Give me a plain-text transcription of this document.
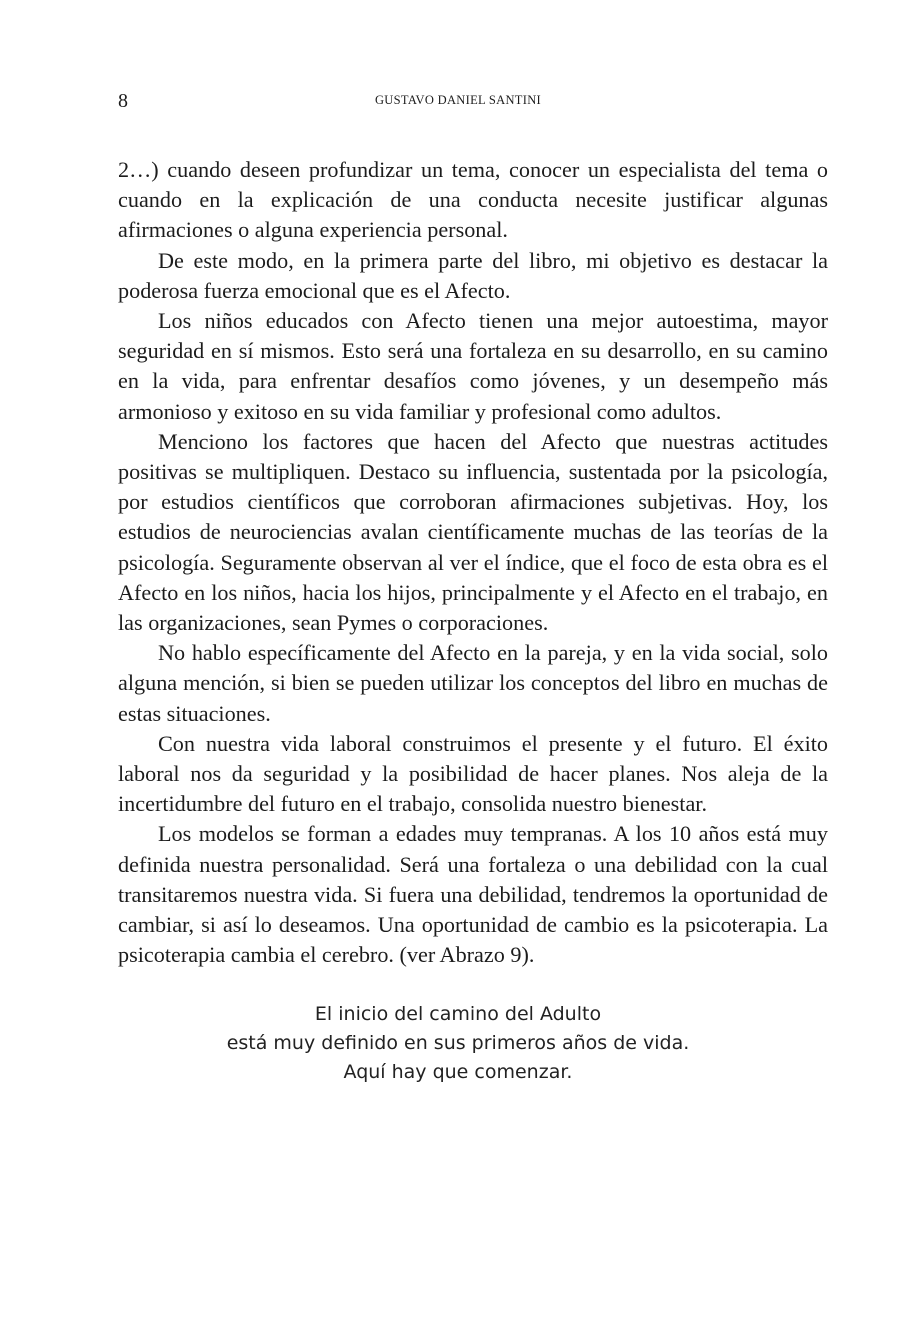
8	GUSTAVO DANIEL SANTINI

2…) cuando deseen profundizar un tema, conocer un especialista del tema o cuando en la explicación de una conducta necesite justificar algunas afirmaciones o alguna experiencia personal.

De este modo, en la primera parte del libro, mi objetivo es destacar la poderosa fuerza emocional que es el Afecto.

Los niños educados con Afecto tienen una mejor autoestima, mayor seguridad en sí mismos. Esto será una fortaleza en su desarrollo, en su camino en la vida, para enfrentar desafíos como jóvenes, y un desempeño más armonioso y exitoso en su vida familiar y profesional como adultos.

Menciono los factores que hacen del Afecto que nuestras actitudes positivas se multipliquen. Destaco su influencia, sustentada por la psicología, por estudios científicos que corroboran afirmaciones subjetivas. Hoy, los estudios de neurociencias avalan científicamente muchas de las teorías de la psicología. Seguramente observan al ver el índice, que el foco de esta obra es el Afecto en los niños, hacia los hijos, principalmente y el Afecto en el trabajo, en las organizaciones, sean Pymes o corporaciones.

No hablo específicamente del Afecto en la pareja, y en la vida social, solo alguna mención, si bien se pueden utilizar los conceptos del libro en muchas de estas situaciones.

Con nuestra vida laboral construimos el presente y el futuro. El éxito laboral nos da seguridad y la posibilidad de hacer planes. Nos aleja de la incertidumbre del futuro en el trabajo, consolida nuestro bienestar.

Los modelos se forman a edades muy tempranas. A los 10 años está muy definida nuestra personalidad. Será una fortaleza o una debilidad con la cual transitaremos nuestra vida. Si fuera una debilidad, tendremos la oportunidad de cambiar, si así lo deseamos. Una oportunidad de cambio es la psicoterapia. La psicoterapia cambia el cerebro. (ver Abrazo 9).

El inicio del camino del Adulto
está muy definido en sus primeros años de vida.
Aquí hay que comenzar.
